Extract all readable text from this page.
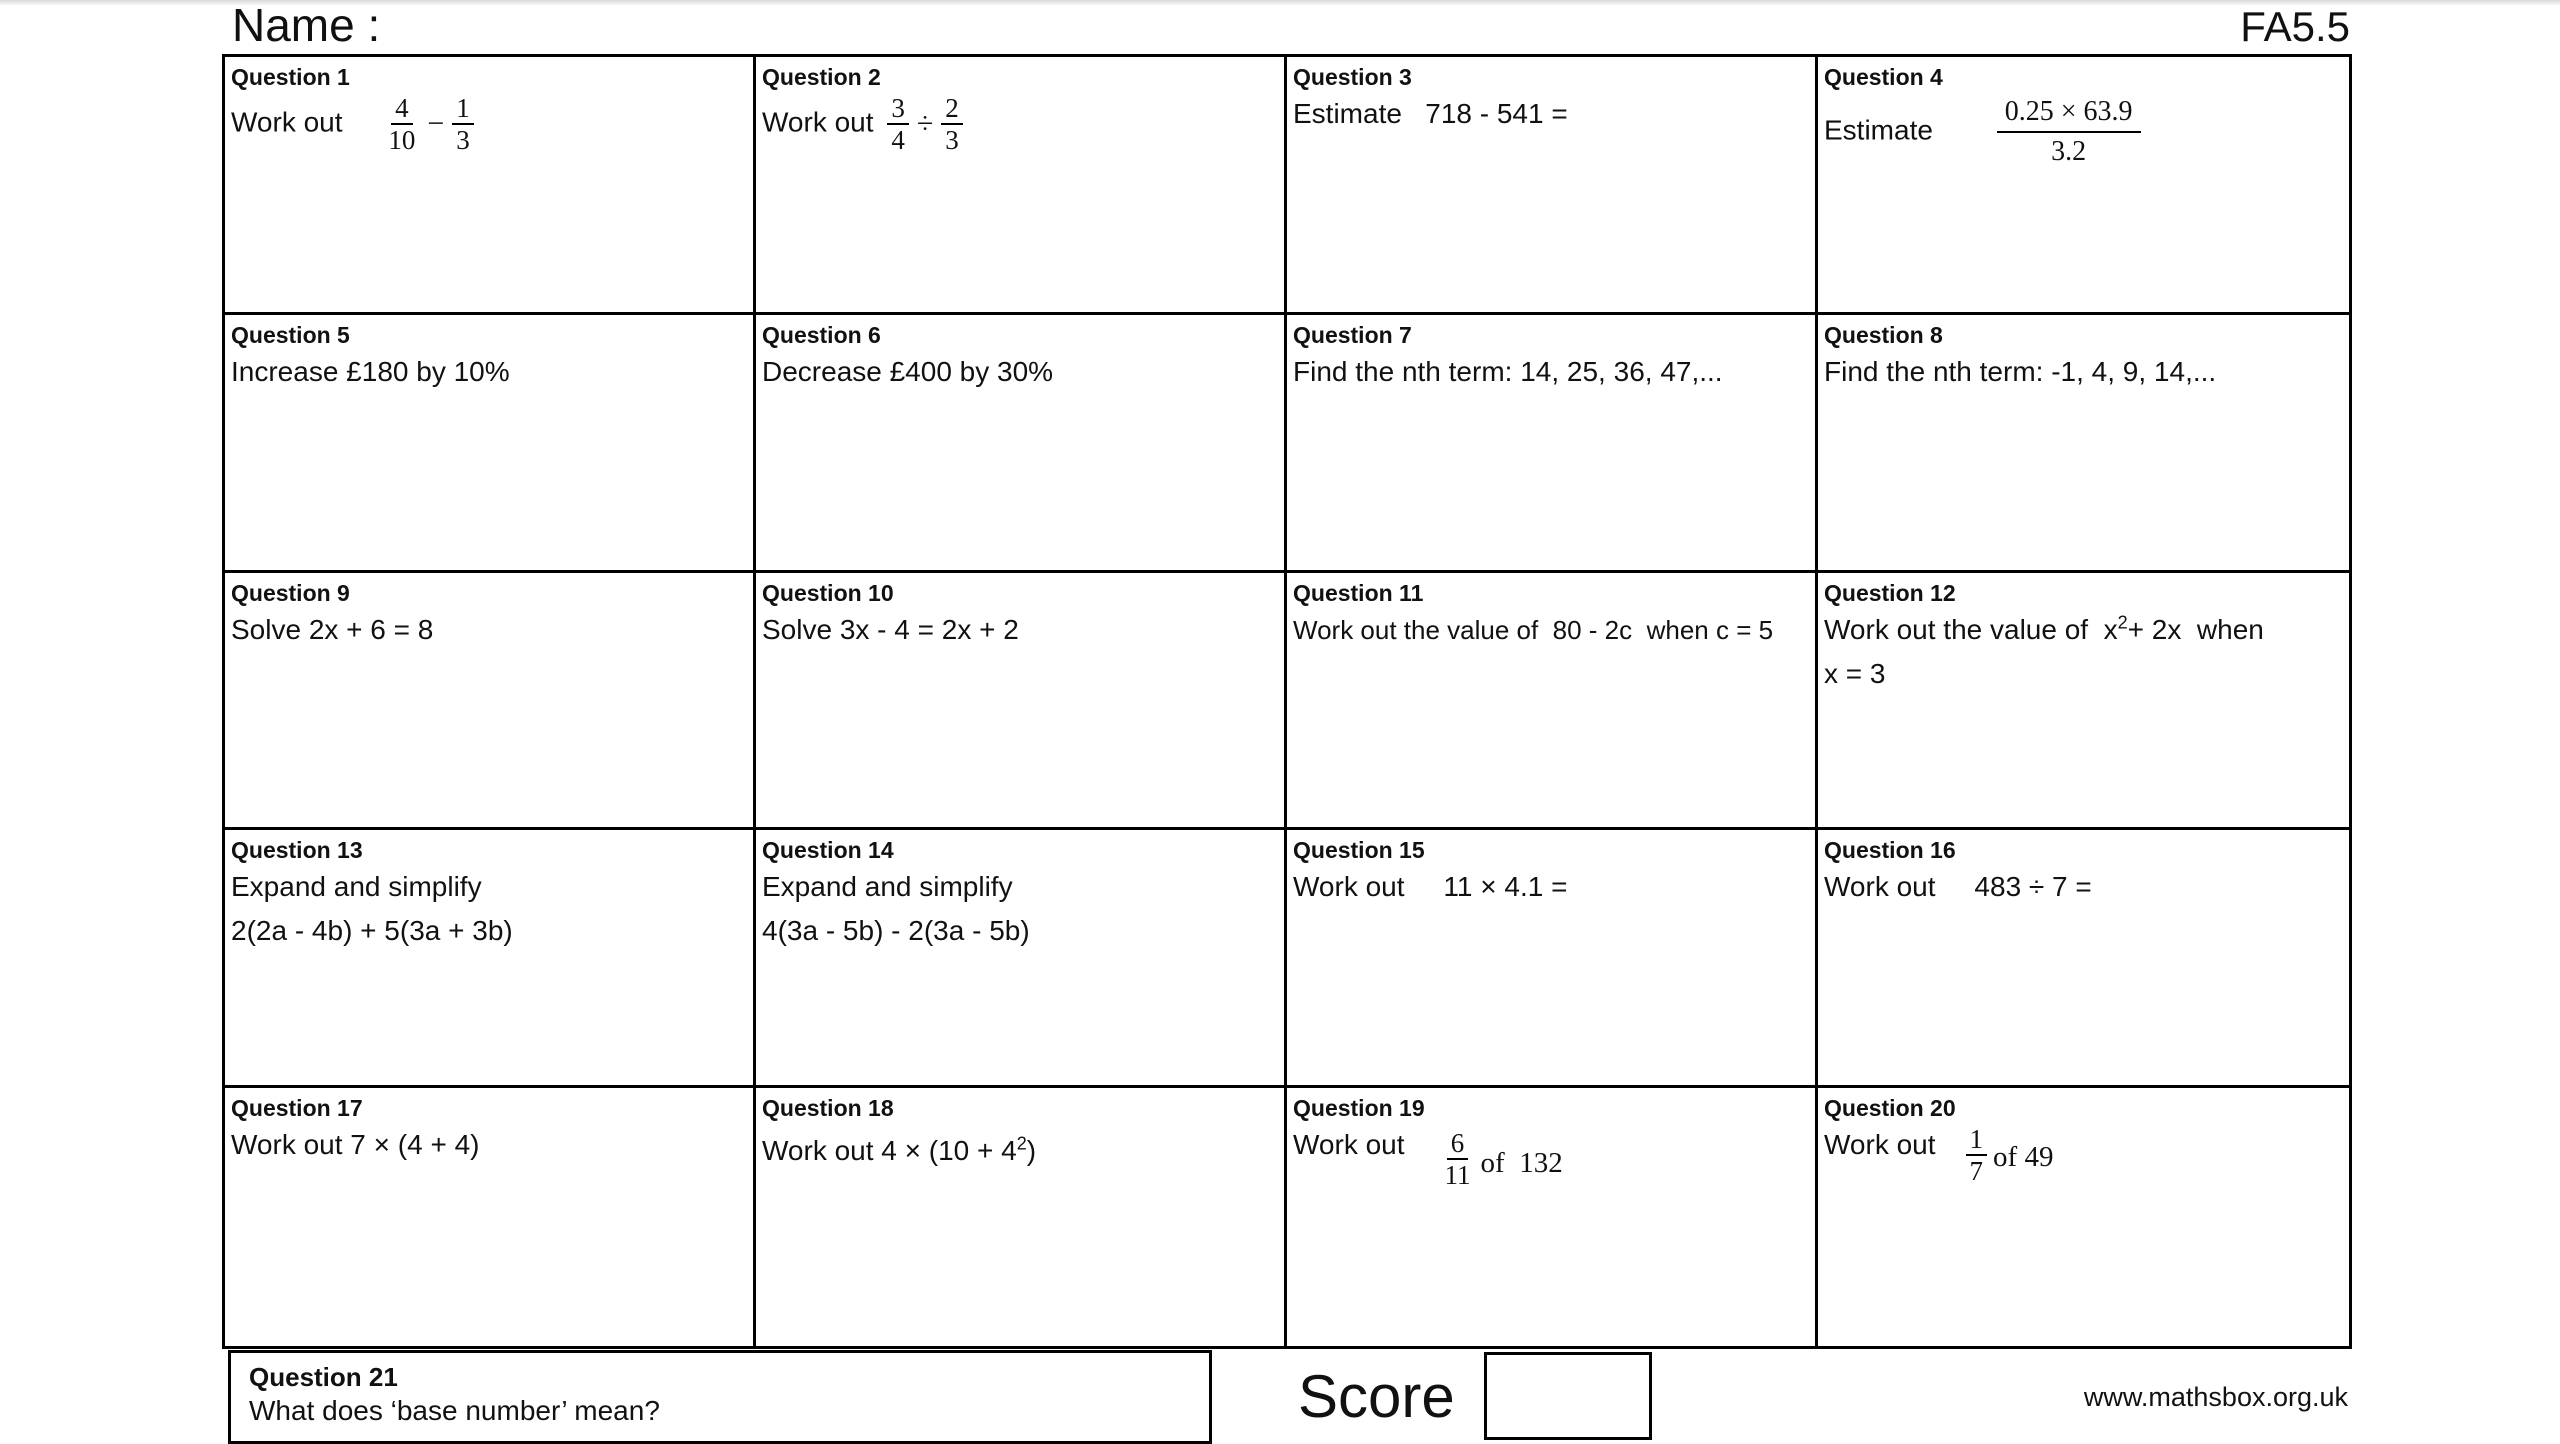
Name :	FA5.5
Question 1
Work out $\frac{4}{10} - \frac{1}{3}$
Question 2
Work out $\frac{3}{4} \div \frac{2}{3}$
Question 3
Estimate   718 - 541 =
Question 4
Estimate $\frac{0.25 \times 63.9}{3.2}$
Question 5
Increase £180 by 10%
Question 6
Decrease £400 by 30%
Question 7
Find the nth term: 14, 25, 36, 47,...
Question 8
Find the nth term: -1, 4, 9, 14,...
Question 9
Solve 2x + 6 = 8
Question 10
Solve 3x - 4 = 2x + 2
Question 11
Work out the value of  80 - 2c  when c = 5
Question 12
Work out the value of  $x^2+ 2x$  when
x = 3
Question 13
Expand and simplify
2(2a - 4b) + 5(3a + 3b)
Question 14
Expand and simplify
4(3a - 5b) - 2(3a - 5b)
Question 15
Work out     11 × 4.1 =
Question 16
Work out     483 ÷ 7 =
Question 17
Work out 7 × (4 + 4)
Question 18
Work out $4 \times (10 + 4^2)$
Question 19
Work out $\frac{6}{11}$ of  132
Question 20
Work out $\frac{1}{7}$ of 49
Question 21
What does ‘base number’ mean?	Score	www.mathsbox.org.uk
